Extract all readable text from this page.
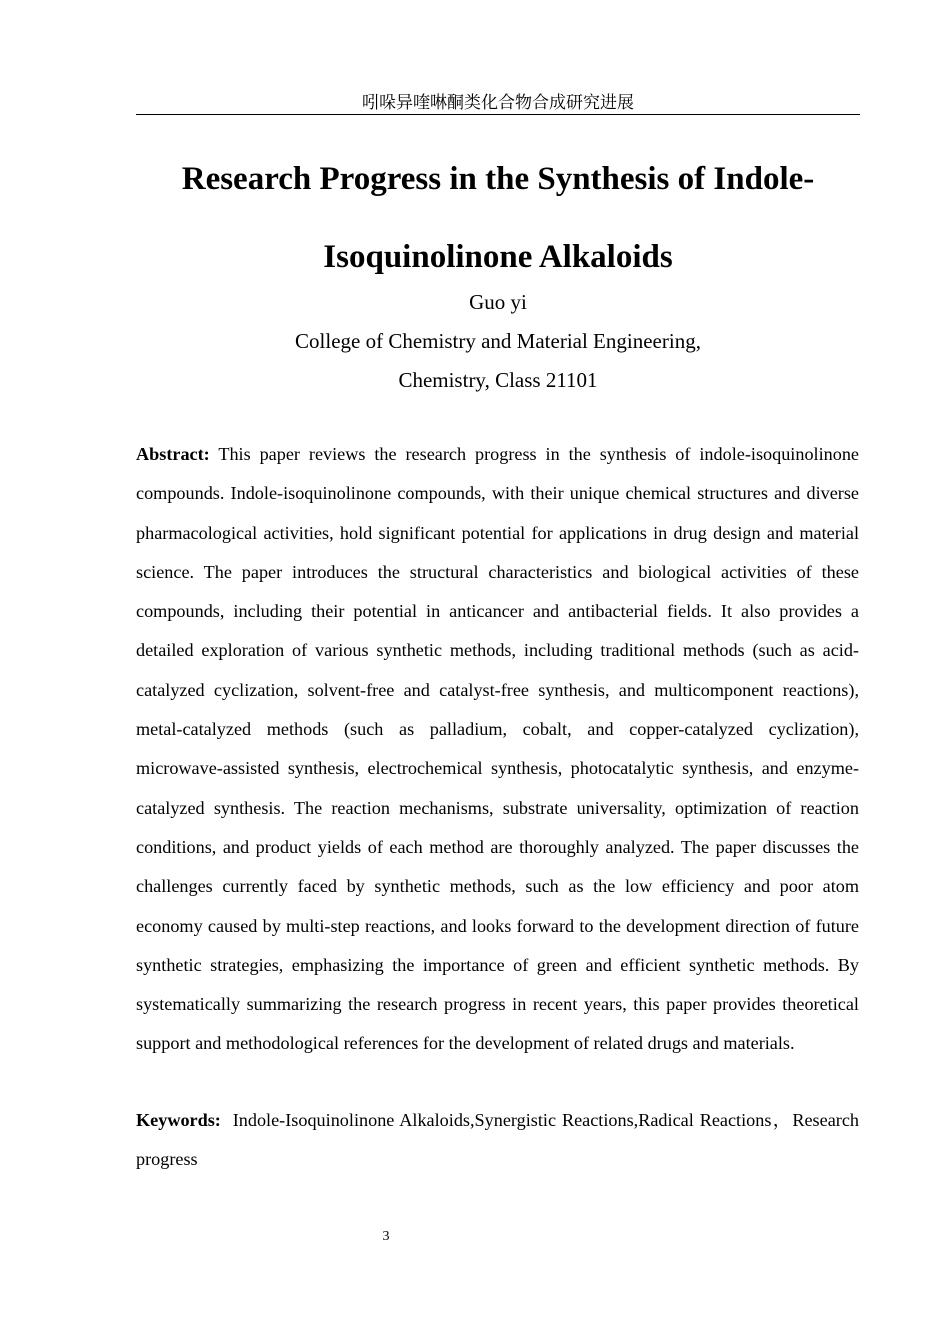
吲哚异喹啉酮类化合物合成研究进展
Research Progress in the Synthesis of Indole-
Isoquinolinone Alkaloids
Guo yi
College of Chemistry and Material Engineering,
Chemistry, Class 21101

Abstract: This paper reviews the research progress in the synthesis of indole-isoquinolinone compounds. Indole-isoquinolinone compounds, with their unique chemical structures and diverse pharmacological activities, hold significant potential for applications in drug design and material science. The paper introduces the structural characteristics and biological activities of these compounds, including their potential in anticancer and antibacterial fields. It also provides a detailed exploration of various synthetic methods, including traditional methods (such as acid-catalyzed cyclization, solvent-free and catalyst-free synthesis, and multicomponent reactions), metal-catalyzed methods (such as palladium, cobalt, and copper-catalyzed cyclization), microwave-assisted synthesis, electrochemical synthesis, photocatalytic synthesis, and enzyme-catalyzed synthesis. The reaction mechanisms, substrate universality, optimization of reaction conditions, and product yields of each method are thoroughly analyzed. The paper discusses the challenges currently faced by synthetic methods, such as the low efficiency and poor atom economy caused by multi-step reactions, and looks forward to the development direction of future synthetic strategies, emphasizing the importance of green and efficient synthetic methods. By systematically summarizing the research progress in recent years, this paper provides theoretical support and methodological references for the development of related drugs and materials.

Keywords: Indole-Isoquinolinone Alkaloids,Synergistic Reactions,Radical Reactions，Research progress

3
